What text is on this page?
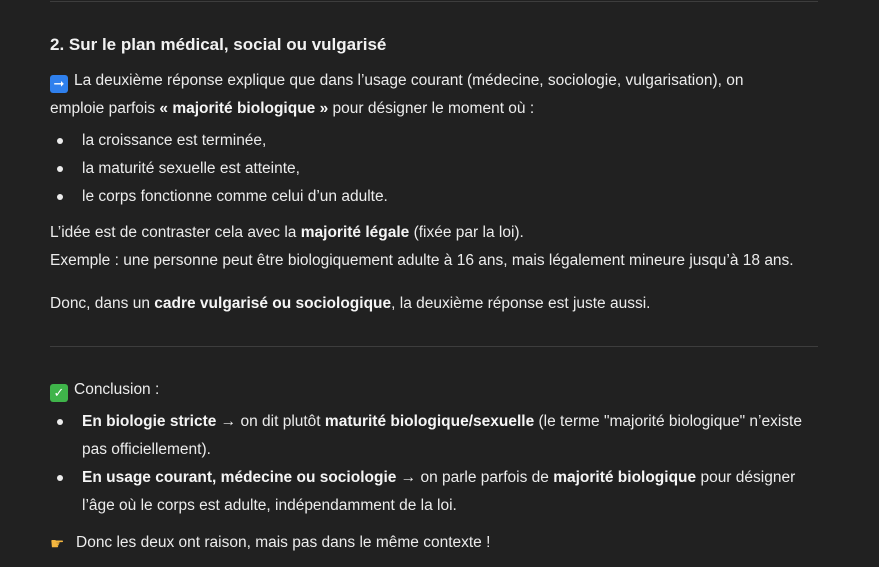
2. Sur le plan médical, social ou vulgarisé
➞ La deuxième réponse explique que dans l’usage courant (médecine, sociologie, vulgarisation), on
emploie parfois « majorité biologique » pour désigner le moment où :
la croissance est terminée,
la maturité sexuelle est atteinte,
le corps fonctionne comme celui d’un adulte.
L’idée est de contraster cela avec la majorité légale (fixée par la loi).
Exemple : une personne peut être biologiquement adulte à 16 ans, mais légalement mineure jusqu’à 18 ans.
Donc, dans un cadre vulgarisé ou sociologique, la deuxième réponse est juste aussi.
✓ Conclusion :
En biologie stricte → on dit plutôt maturité biologique/sexuelle (le terme "majorité biologique" n’existe
pas officiellement).
En usage courant, médecine ou sociologie → on parle parfois de majorité biologique pour désigner
l’âge où le corps est adulte, indépendamment de la loi.
☛ Donc les deux ont raison, mais pas dans le même contexte !
